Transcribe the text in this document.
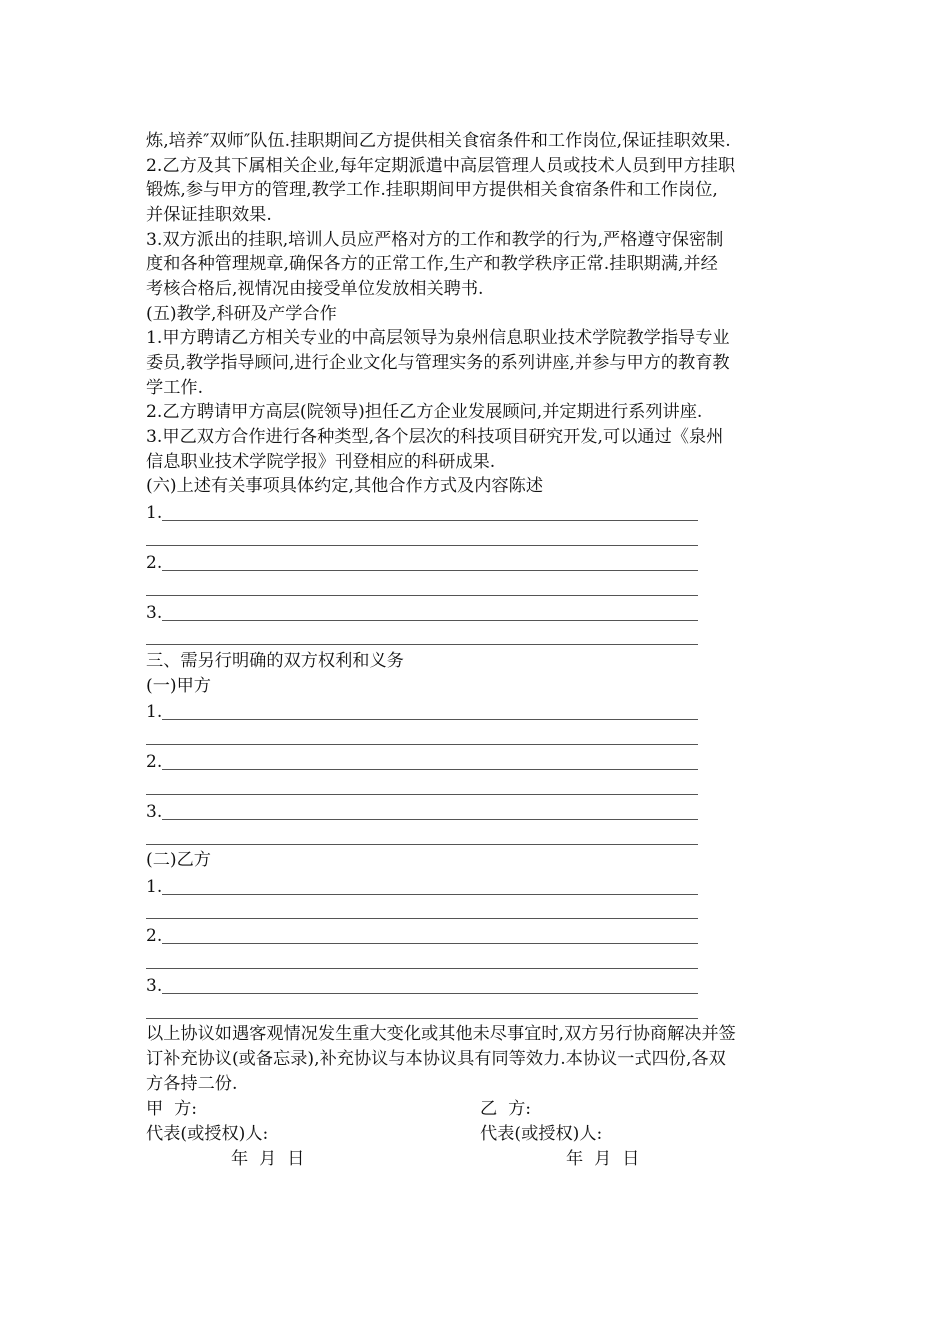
炼,培养″双师″队伍.挂职期间乙方提供相关食宿条件和工作岗位,保证挂职效果.
2.乙方及其下属相关企业,每年定期派遣中高层管理人员或技术人员到甲方挂职
锻炼,参与甲方的管理,教学工作.挂职期间甲方提供相关食宿条件和工作岗位,
并保证挂职效果.
3.双方派出的挂职,培训人员应严格对方的工作和教学的行为,严格遵守保密制
度和各种管理规章,确保各方的正常工作,生产和教学秩序正常.挂职期满,并经
考核合格后,视情况由接受单位发放相关聘书.
(五)教学,科研及产学合作
1.甲方聘请乙方相关专业的中高层领导为泉州信息职业技术学院教学指导专业
委员,教学指导顾问,进行企业文化与管理实务的系列讲座,并参与甲方的教育教
学工作.
2.乙方聘请甲方高层(院领导)担任乙方企业发展顾问,并定期进行系列讲座.
3.甲乙双方合作进行各种类型,各个层次的科技项目研究开发,可以通过《泉州
信息职业技术学院学报》刊登相应的科研成果.
(六)上述有关事项具体约定,其他合作方式及内容陈述
1.
2.
3.
三、需另行明确的双方权利和义务
(一)甲方
1.
2.
3.
(二)乙方
1.
2.
3.
以上协议如遇客观情况发生重大变化或其他未尽事宜时,双方另行协商解决并签
订补充协议(或备忘录),补充协议与本协议具有同等效力.本协议一式四份,各双
方各持二份.
甲  方:	乙  方:
代表(或授权)人:	代表(或授权)人:
年  月  日	年  月  日
